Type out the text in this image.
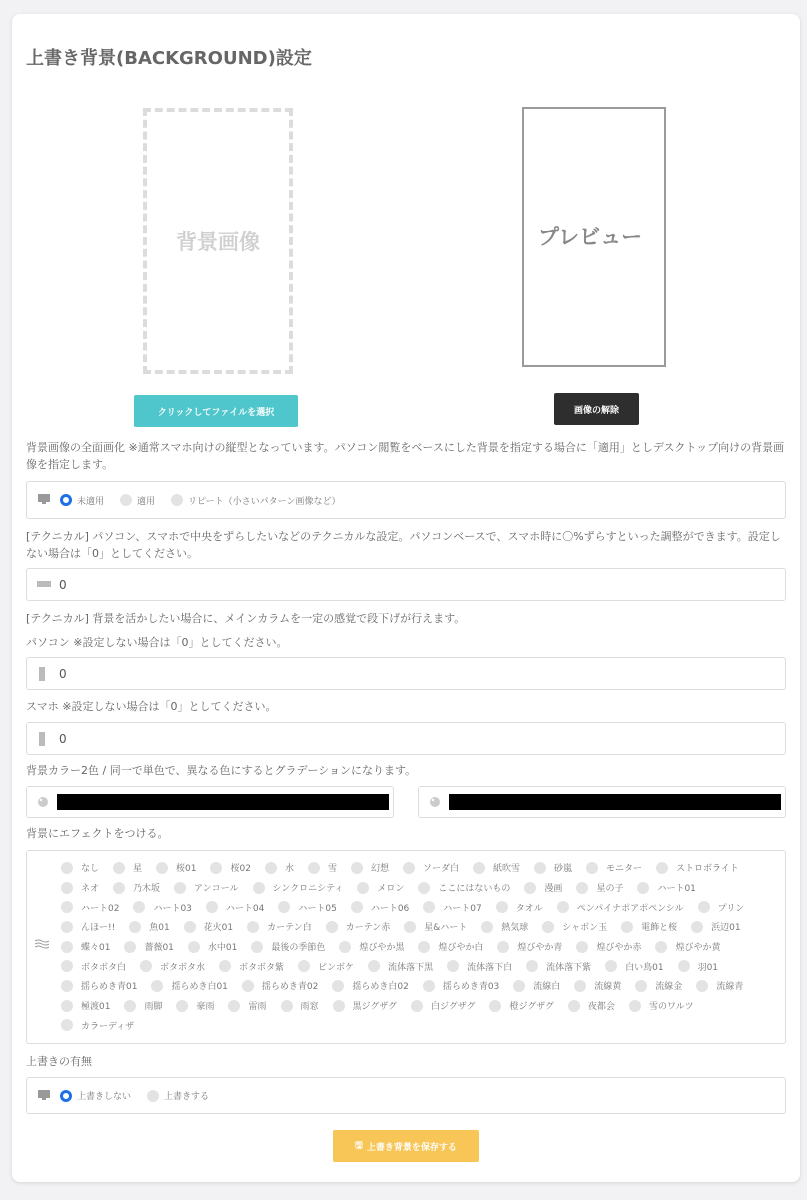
上書き背景(BACKGROUND)設定
背景画像	プレビュー
クリックしてファイルを選択	画像の解除
背景画像の全面画化 ※通常スマホ向けの縦型となっています。パソコン閲覧をベースにした背景を指定する場合に「適用」としデスクトップ向けの背景画像を指定します。
未適用	適用	リピート（小さいパターン画像など）
[テクニカル] パソコン、スマホで中央をずらしたいなどのテクニカルな設定。パソコンベースで、スマホ時に〇%ずらすといった調整ができます。設定しない場合は「0」としてください。
0
[テクニカル] 背景を活かしたい場合に、メインカラムを一定の感覚で段下げが行えます。
パソコン ※設定しない場合は「0」としてください。
0
スマホ ※設定しない場合は「0」としてください。
0
背景カラー2色 / 同一で単色で、異なる色にするとグラデーションになります。
背景にエフェクトをつける。
なし	星	桜01	桜02	水	雪	幻想	ソーダ白	紙吹雪	砂嵐	モニター	ストロボライト
ネオ	乃木坂	アンコール	シンクロニシティ	メロン	ここにはないもの	漫画	星の子	ハート01
ハート02	ハート03	ハート04	ハート05	ハート06	ハート07	タオル	ペンパイナポアポペンシル	プリン
んほー!!	魚01	花火01	カーテン白	カーテン赤	星&ハート	熱気球	シャボン玉	電飾と桜	浜辺01
蝶々01	薔薇01	水中01	最後の季節色	煌びやか黒	煌びやか白	煌びやか青	煌びやか赤	煌びやか黄
ボタボタ白	ボタボタ水	ボタボタ紫	ピンボケ	流体落下黒	流体落下白	流体落下紫	白い鳥01	羽01
揺らめき青01	揺らめき白01	揺らめき青02	揺らめき白02	揺らめき青03	流線白	流線黄	流線金	流線青
極渡01	雨脚	豪雨	雷雨	雨窓	黒ジグザグ	白ジグザグ	橙ジグザグ	夜都会	雪のワルツ
カラーディザ
上書きの有無
上書きしない	上書きする
🖫 上書き背景を保存する
